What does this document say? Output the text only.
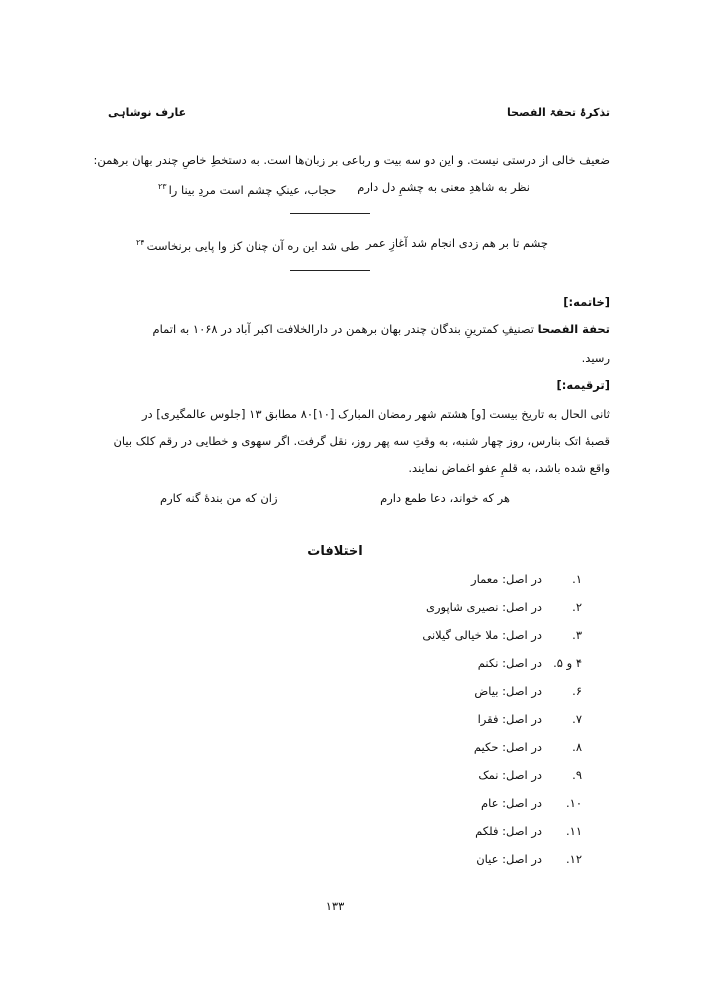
تذکرۂ تحفۃ الفصحا
عارف نوشاہی
ضعیف خالی از درستی نیست. و این دو سه بیت و رباعی بر زبان‌ها است. به دستخطِ خاصِ چندر بهان برهمن:
نظر به شاهدِ معنی به چشمِ دل دارم
حجاب، عینکِ چشم است مردِ بینا را$^{۲۳}$
چشم تا بر هم زدی انجام شد آغازِ عمر
طی شد این ره آن چنان کز وا پایی برنخاست$^{۲۴}$
[خاتمه:]
تحفة الفصحا تصنیفِ کمترینِ بندگان چندر بهان برهمن در دارالخلافت اکبر آباد در ۱۰۶۸ به اتمام
رسید.
[ترقیمه:]
ثانی الحال به تاریخ بیست [و] هشتم شهر رمضان المبارک [۱۰]۸۰ مطابق ۱۳ [جلوس عالمگیری] در
قصبهٔ اتک بنارس، روز چهار شنبه، به وقتِ سه پهر روز، نقل گرفت. اگر سهوی و خطایی در رقم کلک بیان
واقع شده باشد، به قلمِ عفو اغماض نمایند.
هر که خواند، دعا طمع دارم
زان که من بندهٔ گنه کارم
اختلافات
۱.
در اصل: معمار
۲.
در اصل: نصیری شاپوری
۳.
در اصل: ملا خیالی گیلانی
۴ و ۵.
در اصل: نکنم
۶.
در اصل: بیاض
۷.
در اصل: فقرا
۸.
در اصل: حکیم
۹.
در اصل: نمک
۱۰.
در اصل: عام
۱۱.
در اصل: فلکم
۱۲.
در اصل: عیان
۱۳۳
